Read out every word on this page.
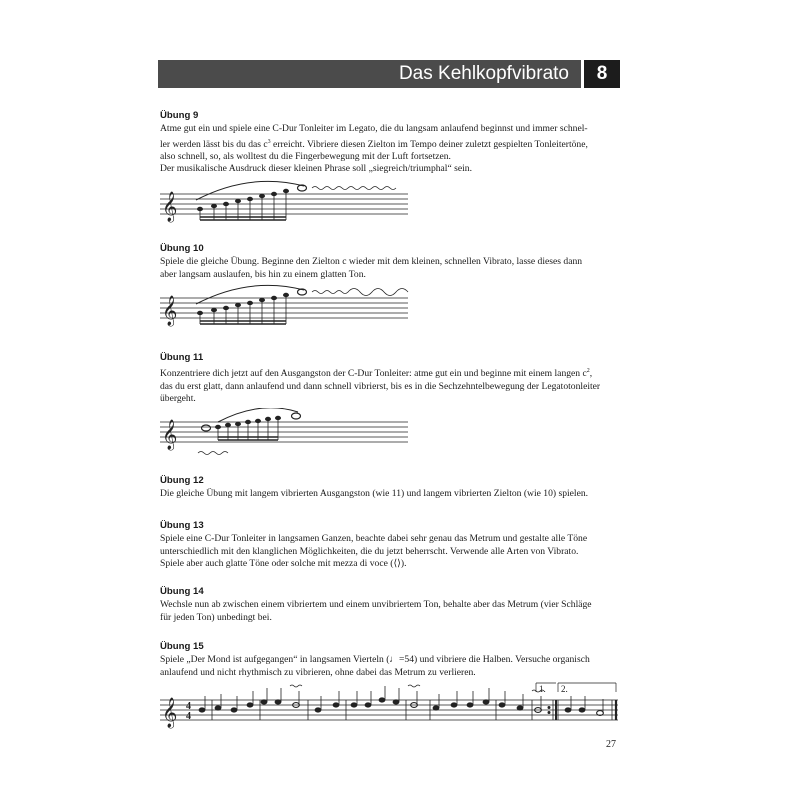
Das Kehlkopfvibrato	8
Übung 9
Atme gut ein und spiele eine C-Dur Tonleiter im Legato, die du langsam anlaufend beginnst und immer schnel-
ler werden lässt bis du das $c^3$ erreicht. Vibriere diesen Zielton im Tempo deiner zuletzt gespielten Tonleitertöne,
also schnell, so, als wolltest du die Fingerbewegung mit der Luft fortsetzen.
Der musikalische Ausdruck dieser kleinen Phrase soll „siegreich/triumphal“ sein.
𝄞
Übung 10
Spiele die gleiche Übung. Beginne den Zielton c wieder mit dem kleinen, schnellen Vibrato, lasse dieses dann
aber langsam auslaufen, bis hin zu einem glatten Ton.
𝄞
Übung 11
Konzentriere dich jetzt auf den Ausgangston der C-Dur Tonleiter: atme gut ein und beginne mit einem langen $c^2$,
das du erst glatt, dann anlaufend und dann schnell vibrierst, bis es in die Sechzehntelbewegung der Legatotonleiter
übergeht.
𝄞
Übung 12
Die gleiche Übung mit langem vibrierten Ausgangston (wie 11) und langem vibrierten Zielton (wie 10) spielen.
Übung 13
Spiele eine C-Dur Tonleiter in langsamen Ganzen, beachte dabei sehr genau das Metrum und gestalte alle Töne
unterschiedlich mit den klanglichen Möglichkeiten, die du jetzt beherrscht. Verwende alle Arten von Vibrato.
Spiele aber auch glatte Töne oder solche mit mezza di voce (⟨⟩).
Übung 14
Wechsle nun ab zwischen einem vibriertem und einem unvibriertem Ton, behalte aber das Metrum (vier Schläge
für jeden Ton) unbedingt bei.
Übung 15
Spiele „Der Mond ist aufgegangen“ in langsamen Vierteln (♩=54) und vibriere die Halben. Versuche organisch
anlaufend und nicht rhythmisch zu vibrieren, ohne dabei das Metrum zu verlieren.
𝄞 4
4
1. 2.
27
